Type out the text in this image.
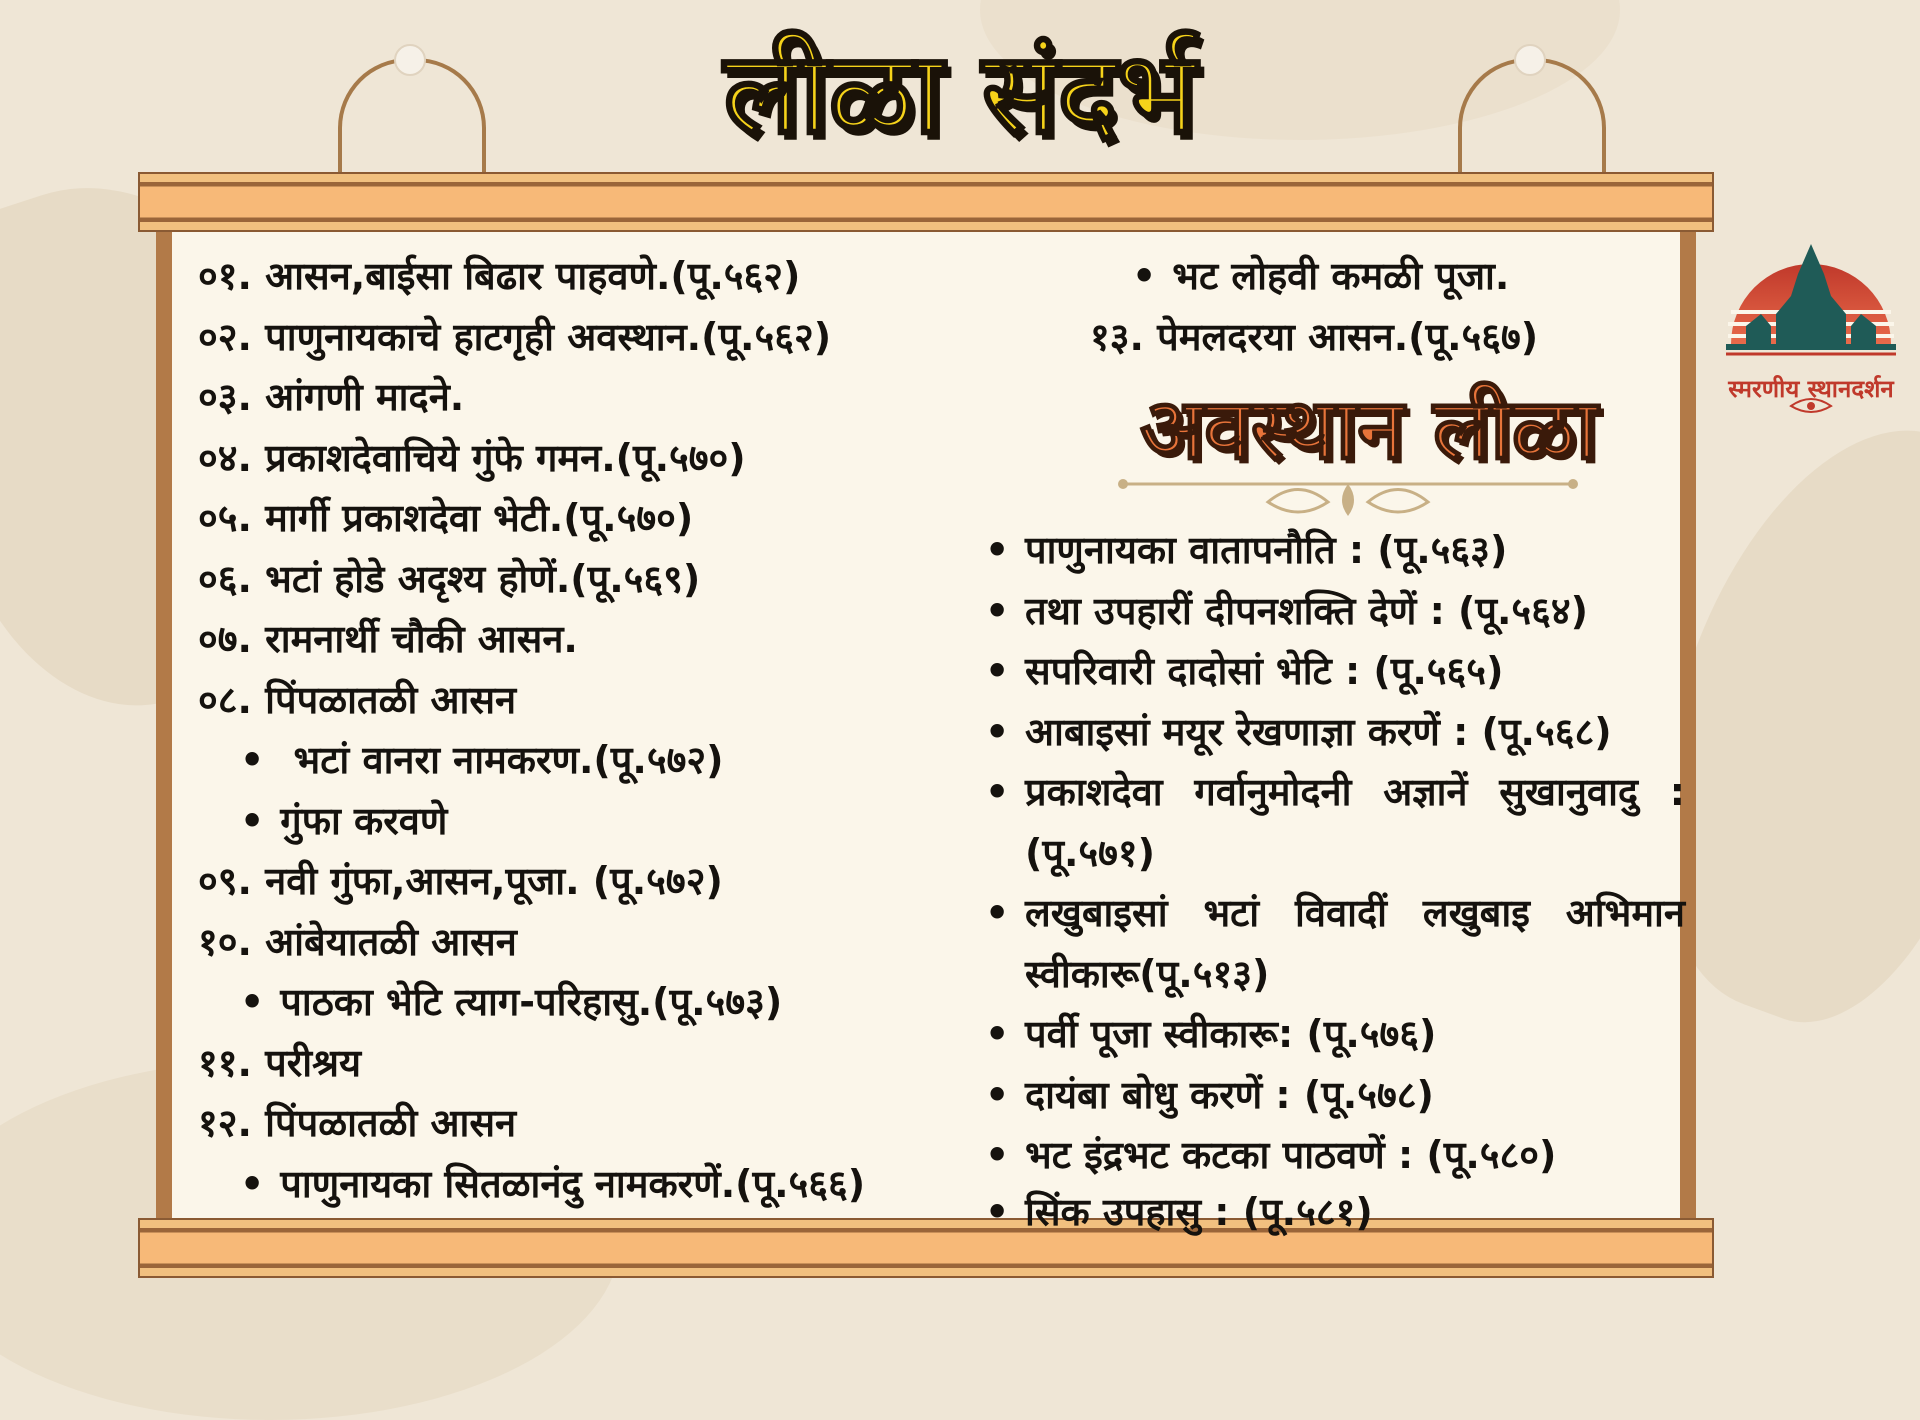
लीळा संदर्भ
०१. आसन,बाईसा बिढार पाहवणे.(पू.५६२)
०२. पाणुनायकाचे हाटगृही अवस्थान.(पू.५६२)
०३. आंगणी मादने.
०४. प्रकाशदेवाचिये गुंफे गमन.(पू.५७०)
०५. मार्गी प्रकाशदेवा भेटी.(पू.५७०)
०६. भटां होडे अदृश्य होणें.(पू.५६९)
०७. रामनार्थी चौकी आसन.
०८. पिंपळातळी आसन
• भटां वानरा नामकरण.(पू.५७२)
• गुंफा करवणे
०९. नवी गुंफा,आसन,पूजा. (पू.५७२)
१०. आंबेयातळी आसन
• पाठका भेटि त्याग-परिहासु.(पू.५७३)
११. परीश्रय
१२. पिंपळातळी आसन
• पाणुनायका सितळानंदु नामकरणें.(पू.५६६)
• भट लोहवी कमळी पूजा.
१३. पेमलदरया आसन.(पू.५६७)
अवस्थान लीळा
• पाणुनायका वातापनौति : (पू.५६३)
• तथा उपहारीं दीपनशक्ति देणें : (पू.५६४)
• सपरिवारी दादोसां भेटि : (पू.५६५)
• आबाइसां मयूर रेखणाज्ञा करणें : (पू.५६८)
• प्रकाशदेवा गर्वानुमोदनी अज्ञानें सुखानुवादु : (पू.५७१)
• लखुबाइसां भटां विवादीं लखुबाइ अभिमान स्वीकारू(पू.५१३)
• पर्वी पूजा स्वीकारू: (पू.५७६)
• दायंबा बोधु करणें : (पू.५७८)
• भट इंद्रभट कटका पाठवणें : (पू.५८०)
• सिंक उपहासु : (पू.५८१)
स्मरणीय स्थानदर्शन
